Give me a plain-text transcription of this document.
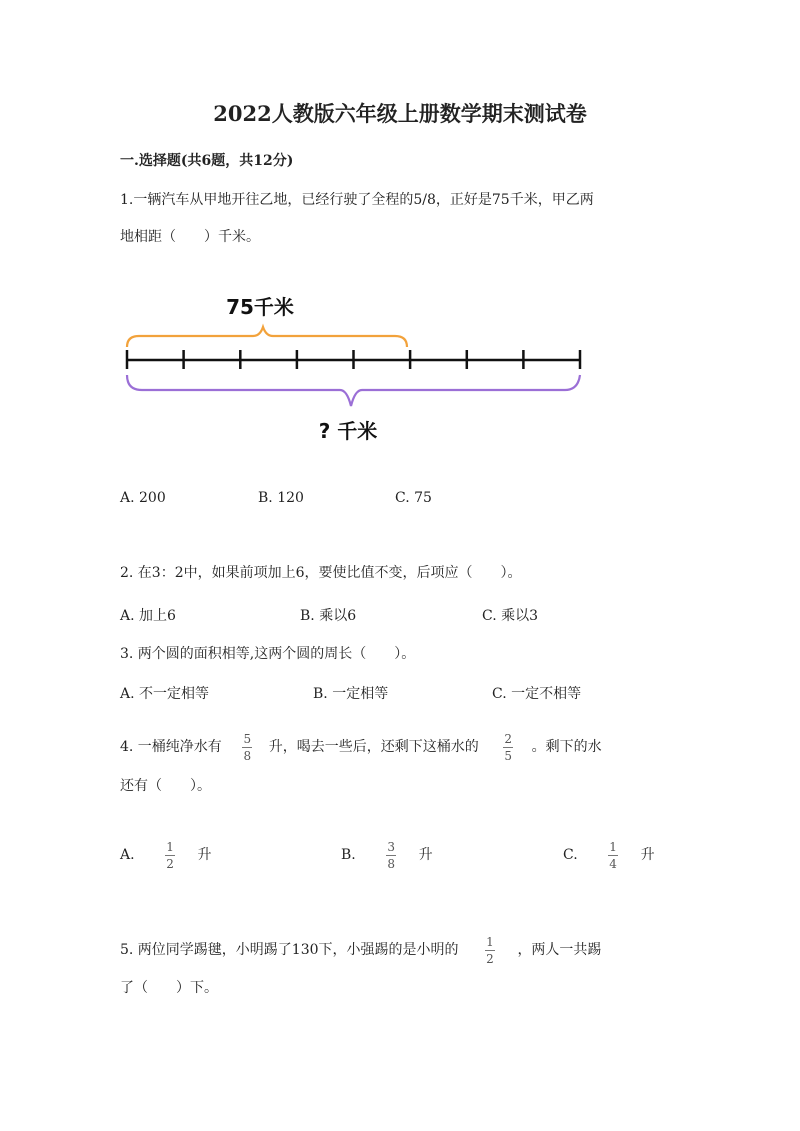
2022人教版六年级上册数学期末测试卷
一.选择题(共6题，共12分)
1.一辆汽车从甲地开往乙地，已经行驶了全程的5/8，正好是75千米，甲乙两
地相距（　　）千米。
75千米
? 千米
A. 200	B. 120	C. 75
2. 在3：2中，如果前项加上6，要使比值不变，后项应（　　）。
A. 加上6	B. 乘以6	C. 乘以3
3. 两个圆的面积相等,这两个圆的周长（　　）。
A. 不一定相等	B. 一定相等	C. 一定不相等
4. 一桶纯净水有 $\frac{5}{8}$ 升，喝去一些后，还剩下这桶水的 $\frac{2}{5}$ 。剩下的水
还有（　　）。
A.	$\frac{1}{2}$ 升	B.	$\frac{3}{8}$ 升	C.	$\frac{1}{4}$ 升
5. 两位同学踢毽，小明踢了130下，小强踢的是小明的 $\frac{1}{2}$ ，两人一共踢
了（　　）下。
